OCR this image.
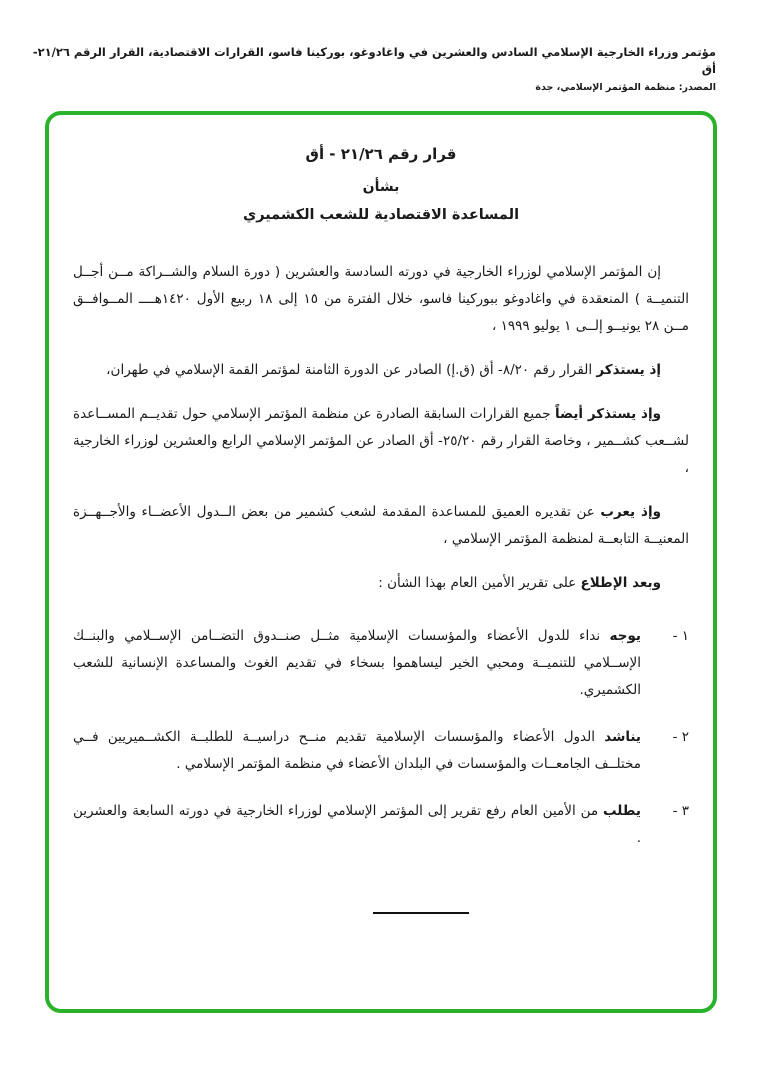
مؤتمر وزراء الخارجية الإسلامي السادس والعشرين في واغادوغو، بوركينا فاسو، القرارات الاقتصادية، القرار الرقم ٢١/٢٦-أق
المصدر: منظمة المؤتمر الإسلامي، جدة
قرار رقم ٢١/٢٦ - أق
بشأن
المساعدة الاقتصادية للشعب الكشميري

إن المؤتمر الإسلامي لوزراء الخارجية في دورته السادسة والعشرين ( دورة السلام والشــراكة مــن أجــل التنميــة ) المنعقدة في واغادوغو ببوركينا فاسو، خلال الفترة من ١٥ إلى ١٨ ربيع الأول ١٤٢٠هــــ المــوافــق مــن ٢٨ يونيــو إلــى ١ يوليو ١٩٩٩ ،

إذ يستذكر القرار رقم ٨/٢٠- أق (ق.إ) الصادر عن الدورة الثامنة لمؤتمر القمة الإسلامي في طهران،

وإذ يستذكر أيضاً جميع القرارات السابقة الصادرة عن منظمة المؤتمر الإسلامي حول تقديــم المســاعدة لشــعب كشــمير ، وخاصة القرار رقم ٢٥/٢٠- أق الصادر عن المؤتمر الإسلامي الرابع والعشرين لوزراء الخارجية ،

وإذ يعرب عن تقديره العميق للمساعدة المقدمة لشعب كشمير من بعض الــدول الأعضــاء والأجــهــزة المعنيــة التابعــة لمنظمة المؤتمر الإسلامي ،

وبعد الإطلاع على تقرير الأمين العام بهذا الشأن :

١ -
يوجه نداء للدول الأعضاء والمؤسسات الإسلامية مثــل صنــدوق التضــامن الإســلامي والبنــك الإســلامي للتنميــة ومحبي الخير ليساهموا بسخاء في تقديم الغوث والمساعدة الإنسانية للشعب الكشميري.
٢ -
يناشد الدول الأعضاء والمؤسسات الإسلامية تقديم منــح دراسيــة للطلبــة الكشــميريين فــي مختلــف الجامعــات والمؤسسات في البلدان الأعضاء في منظمة المؤتمر الإسلامي .
٣ -
يطلب من الأمين العام رفع تقرير إلى المؤتمر الإسلامي لوزراء الخارجية في دورته السابعة والعشرين .
